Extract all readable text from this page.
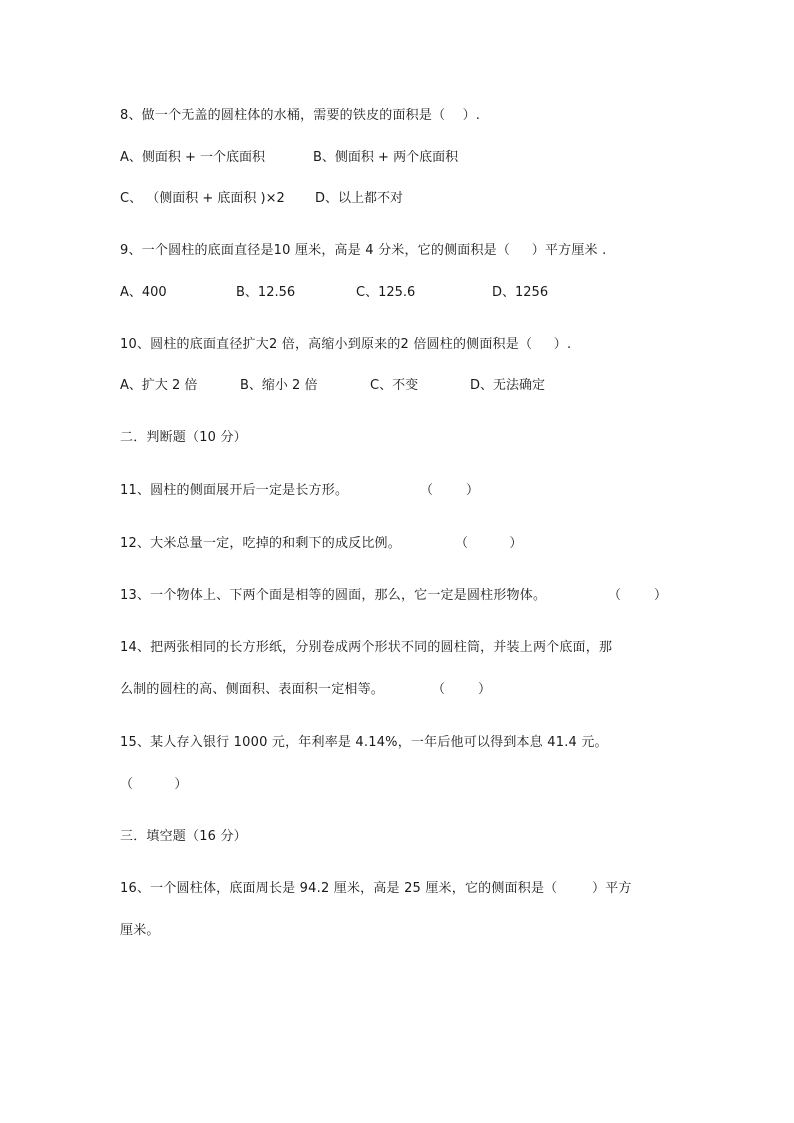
8、做一个无盖的圆柱体的水桶，需要的铁皮的面积是（    ）.
A、侧面积 + 一个底面积	B、侧面积 + 两个底面积
C、 （侧面积 + 底面积 )×2 D、以上都不对
9、一个圆柱的底面直径是10 厘米，高是 4 分米，它的侧面积是（     ）平方厘米 .
A、400	B、12.56	C、125.6	D、1256
10、圆柱的底面直径扩大2 倍，高缩小到原来的2 倍圆柱的侧面积是（     ）.
A、扩大 2 倍	B、缩小 2 倍	C、不变	D、无法确定
二．判断题（10 分）
11、圆柱的侧面展开后一定是长方形。	（        ）
12、大米总量一定，吃掉的和剩下的成反比例。	（          ）
13、一个物体上、下两个面是相等的圆面，那么，它一定是圆柱形物体。	（        ）
14、把两张相同的长方形纸，分别卷成两个形状不同的圆柱筒，并装上两个底面，那
么制的圆柱的高、侧面积、表面积一定相等。	（        ）
15、某人存入银行 1000 元，年利率是 4.14%，一年后他可以得到本息 41.4 元。
（          ）
三．填空题（16 分）
16、一个圆柱体，底面周长是 94.2 厘米，高是 25 厘米，它的侧面积是（        ）平方
厘米。
